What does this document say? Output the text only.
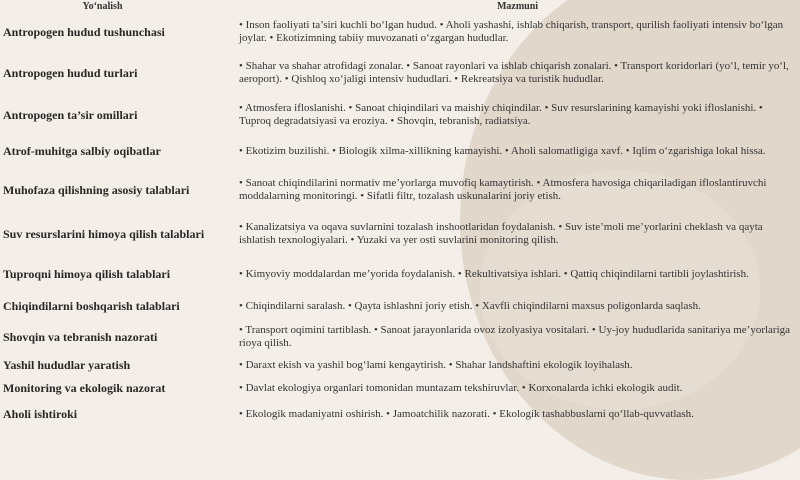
Yo‘nalish	Mazmuni
Antropogen hudud tushunchasi	• Inson faoliyati ta’siri kuchli bo‘lgan hudud. • Aholi yashashi, ishlab chiqarish, transport, qurilish faoliyati intensiv bo‘lgan joylar. • Ekotizimning tabiiy muvozanati o‘zgargan hududlar.
Antropogen hudud turlari	• Shahar va shahar atrofidagi zonalar. • Sanoat rayonlari va ishlab chiqarish zonalari. • Transport koridorlari (yo‘l, temir yo‘l, aeroport). • Qishloq xo‘jaligi intensiv hududlari. • Rekreatsiya va turistik hududlar.
Antropogen ta’sir omillari	• Atmosfera ifloslanishi. • Sanoat chiqindilari va maishiy chiqindilar. • Suv resurslarining kamayishi yoki ifloslanishi. • Tuproq degradatsiyasi va eroziya. • Shovqin, tebranish, radiatsiya.
Atrof-muhitga salbiy oqibatlar	• Ekotizim buzilishi. • Biologik xilma-xillikning kamayishi. • Aholi salomatligiga xavf. • Iqlim o‘zgarishiga lokal hissa.
Muhofaza qilishning asosiy talablari	• Sanoat chiqindilarini normativ me’yorlarga muvofiq kamaytirish. • Atmosfera havosiga chiqariladigan ifloslantiruvchi moddalarning monitoringi. • Sifatli filtr, tozalash uskunalarini joriy etish.
Suv resurslarini himoya qilish talablari	• Kanalizatsiya va oqava suvlarnini tozalash inshootlaridan foydalanish. • Suv iste’moli me’yorlarini cheklash va qayta ishlatish texnologiyalari. • Yuzaki va yer osti suvlarini monitoring qilish.
Tuproqni himoya qilish talablari	• Kimyoviy moddalardan me’yorida foydalanish. • Rekultivatsiya ishlari. • Qattiq chiqindilarni tartibli joylashtirish.
Chiqindilarni boshqarish talablari	• Chiqindilarni saralash. • Qayta ishlashni joriy etish. • Xavfli chiqindilarni maxsus poligonlarda saqlash.
Shovqin va tebranish nazorati	• Transport oqimini tartiblash. • Sanoat jarayonlarida ovoz izolyasiya vositalari. • Uy-joy hududlarida sanitariya me’yorlariga rioya qilish.
Yashil hududlar yaratish	• Daraxt ekish va yashil bog‘lami kengaytirish. • Shahar landshaftini ekologik loyihalash.
Monitoring va ekologik nazorat	• Davlat ekologiya organlari tomonidan muntazam tekshiruvlar. • Korxonalarda ichki ekologik audit.
Aholi ishtiroki	• Ekologik madaniyatni oshirish. • Jamoatchilik nazorati. • Ekologik tashabbuslarni qo‘llab-quvvatlash.
